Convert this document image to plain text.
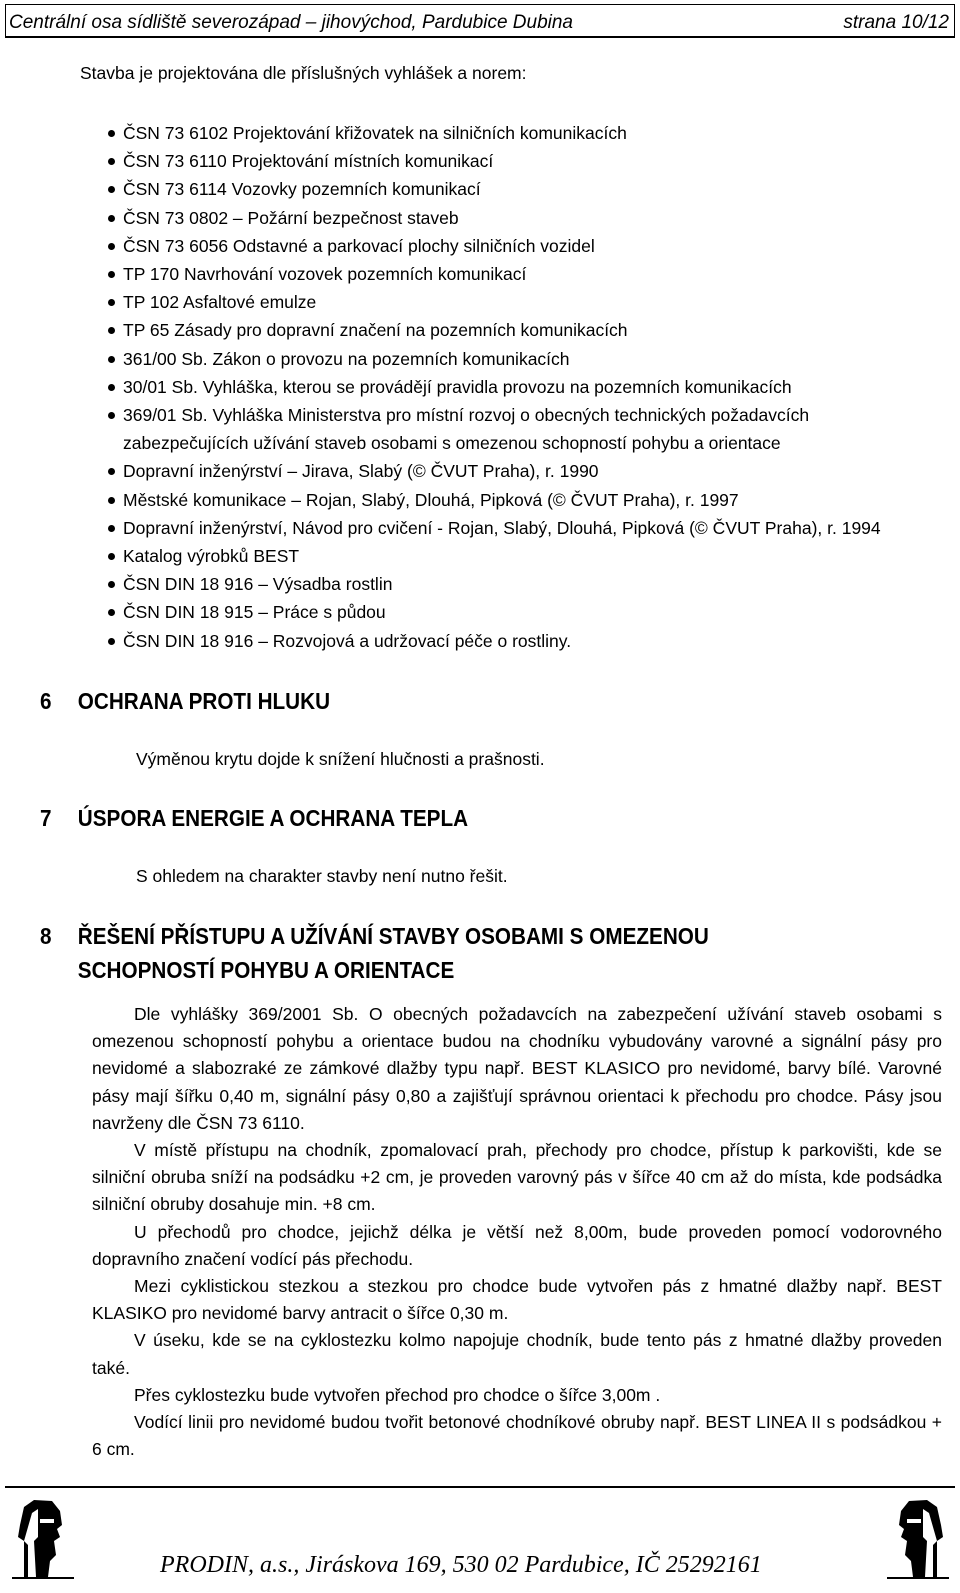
Centrální osa sídliště severozápad – jihovýchod, Pardubice Dubina	strana 10/12
Stavba je projektována dle příslušných vyhlášek a norem:
ČSN 73 6102 Projektování křižovatek na silničních komunikacích
ČSN 73 6110 Projektování místních komunikací
ČSN 73 6114 Vozovky pozemních komunikací
ČSN 73 0802 – Požární bezpečnost staveb
ČSN 73 6056 Odstavné a parkovací plochy silničních vozidel
TP 170 Navrhování vozovek pozemních komunikací
TP 102 Asfaltové emulze
TP 65 Zásady pro dopravní značení na pozemních komunikacích
361/00 Sb. Zákon o provozu na pozemních komunikacích
30/01 Sb. Vyhláška, kterou se provádějí pravidla provozu na pozemních komunikacích
369/01 Sb. Vyhláška Ministerstva pro místní rozvoj o obecných technických požadavcích
zabezpečujících užívání staveb osobami s omezenou schopností pohybu a orientace
Dopravní inženýrství – Jirava, Slabý (© ČVUT Praha), r. 1990
Městské komunikace – Rojan, Slabý, Dlouhá, Pipková (© ČVUT Praha), r. 1997
Dopravní inženýrství, Návod pro cvičení - Rojan, Slabý, Dlouhá, Pipková (© ČVUT Praha), r. 1994
Katalog výrobků BEST
ČSN DIN 18 916 – Výsadba rostlin
ČSN DIN 18 915 – Práce s půdou
ČSN DIN 18 916 – Rozvojová a udržovací péče o rostliny.
6 OCHRANA PROTI HLUKU
Výměnou krytu dojde k snížení hlučnosti a prašnosti.
7 ÚSPORA ENERGIE A OCHRANA TEPLA
S ohledem na charakter stavby není nutno řešit.
8 ŘEŠENÍ PŘÍSTUPU A UŽÍVÁNÍ STAVBY OSOBAMI S OMEZENOU
SCHOPNOSTÍ POHYBU A ORIENTACE

Dle vyhlášky 369/2001 Sb. O obecných požadavcích na zabezpečení užívání staveb osobami s omezenou schopností pohybu a orientace budou na chodníku vybudovány varovné a signální pásy pro nevidomé a slabozraké ze zámkové dlažby typu např. BEST KLASICO pro nevidomé, barvy bílé. Varovné pásy mají šířku 0,40 m, signální pásy 0,80 a zajišťují správnou orientaci k přechodu pro chodce. Pásy jsou navrženy dle ČSN 73 6110.

V místě přístupu na chodník, zpomalovací prah, přechody pro chodce, přístup k parkovišti, kde se silniční obruba sníží na podsádku +2 cm, je proveden varovný pás v šířce 40 cm až do místa, kde podsádka silniční obruby dosahuje min. +8 cm.

U přechodů pro chodce, jejichž délka je větší než 8,00m, bude proveden pomocí vodorovného dopravního značení vodící pás přechodu.

Mezi cyklistickou stezkou a stezkou pro chodce bude vytvořen pás z hmatné dlažby např. BEST KLASIKO pro nevidomé barvy antracit o šířce 0,30 m.

V úseku, kde se na cyklostezku kolmo napojuje chodník, bude tento pás z hmatné dlažby proveden také.

Přes cyklostezku bude vytvořen přechod pro chodce o šířce 3,00m .

Vodící linii pro nevidomé budou tvořit betonové chodníkové obruby např. BEST LINEA II s podsádkou + 6 cm.

PRODIN, a.s., Jiráskova 169, 530 02 Pardubice, IČ 25292161
